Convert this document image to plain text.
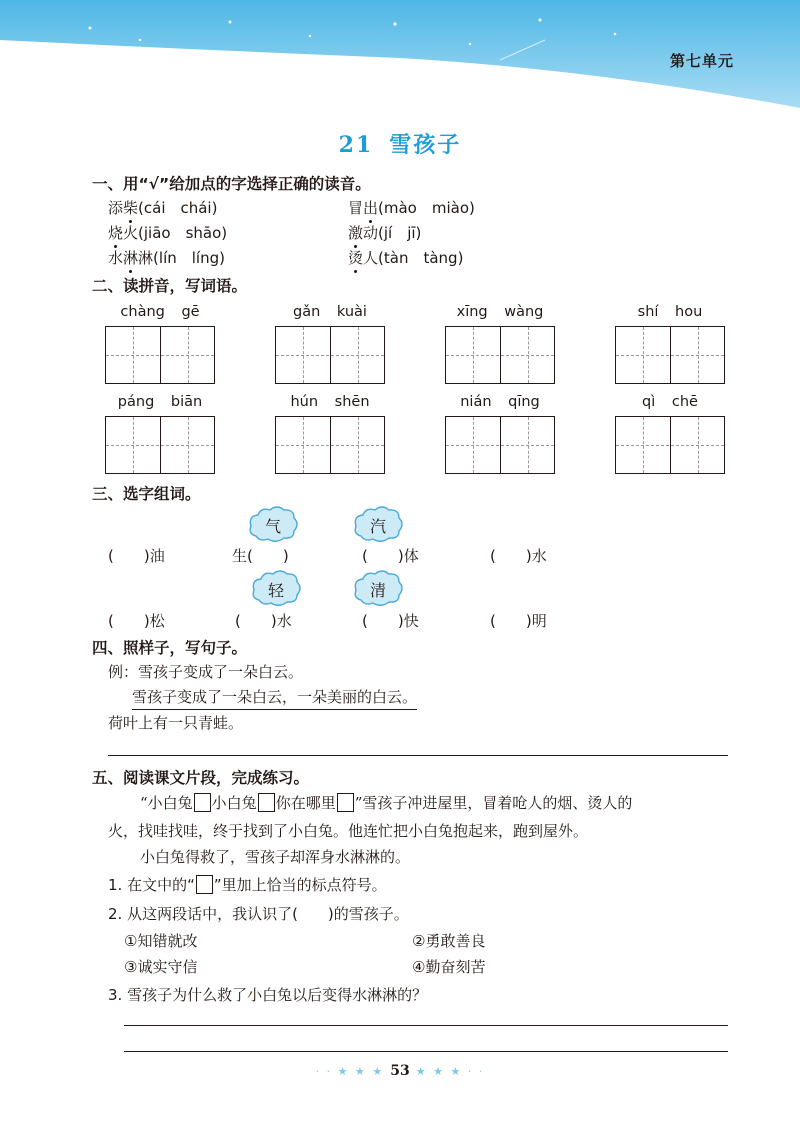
第七单元
21 雪孩子
一、用“√”给加点的字选择正确的读音。
添柴(cái　chái)	冒出(mào　miào)
烧火(jiāo　shāo)	激动(jí　jī)
水淋淋(lín　líng)	烫人(tàn　tàng)
二、读拼音，写词语。
chàng gē	gǎn kuài	xīng wàng	shí hou
páng biān	hún shēn	nián qīng	qì chē
三、选字组词。
气	汽
(　　)油	生(　　)	(　　)体	(　　)水
轻	清
(　　)松	(　　)水	(　　)快	(　　)明
四、照样子，写句子。
例：雪孩子变成了一朵白云。
雪孩子变成了一朵白云，一朵美丽的白云。
荷叶上有一只青蛙。
五、阅读课文片段，完成练习。
“小白兔 小白兔 你在哪里 ”雪孩子冲进屋里，冒着呛人的烟、烫人的
火，找哇找哇，终于找到了小白兔。他连忙把小白兔抱起来，跑到屋外。
小白兔得救了，雪孩子却浑身水淋淋的。
1. 在文中的“ ”里加上恰当的标点符号。
2. 从这两段话中，我认识了(　　)的雪孩子。
①知错就改	②勇敢善良
③诚实守信	④勤奋刻苦
3. 雪孩子为什么救了小白兔以后变得水淋淋的？
· · ★ ★ ★ 53 ★ ★ ★ · ·
